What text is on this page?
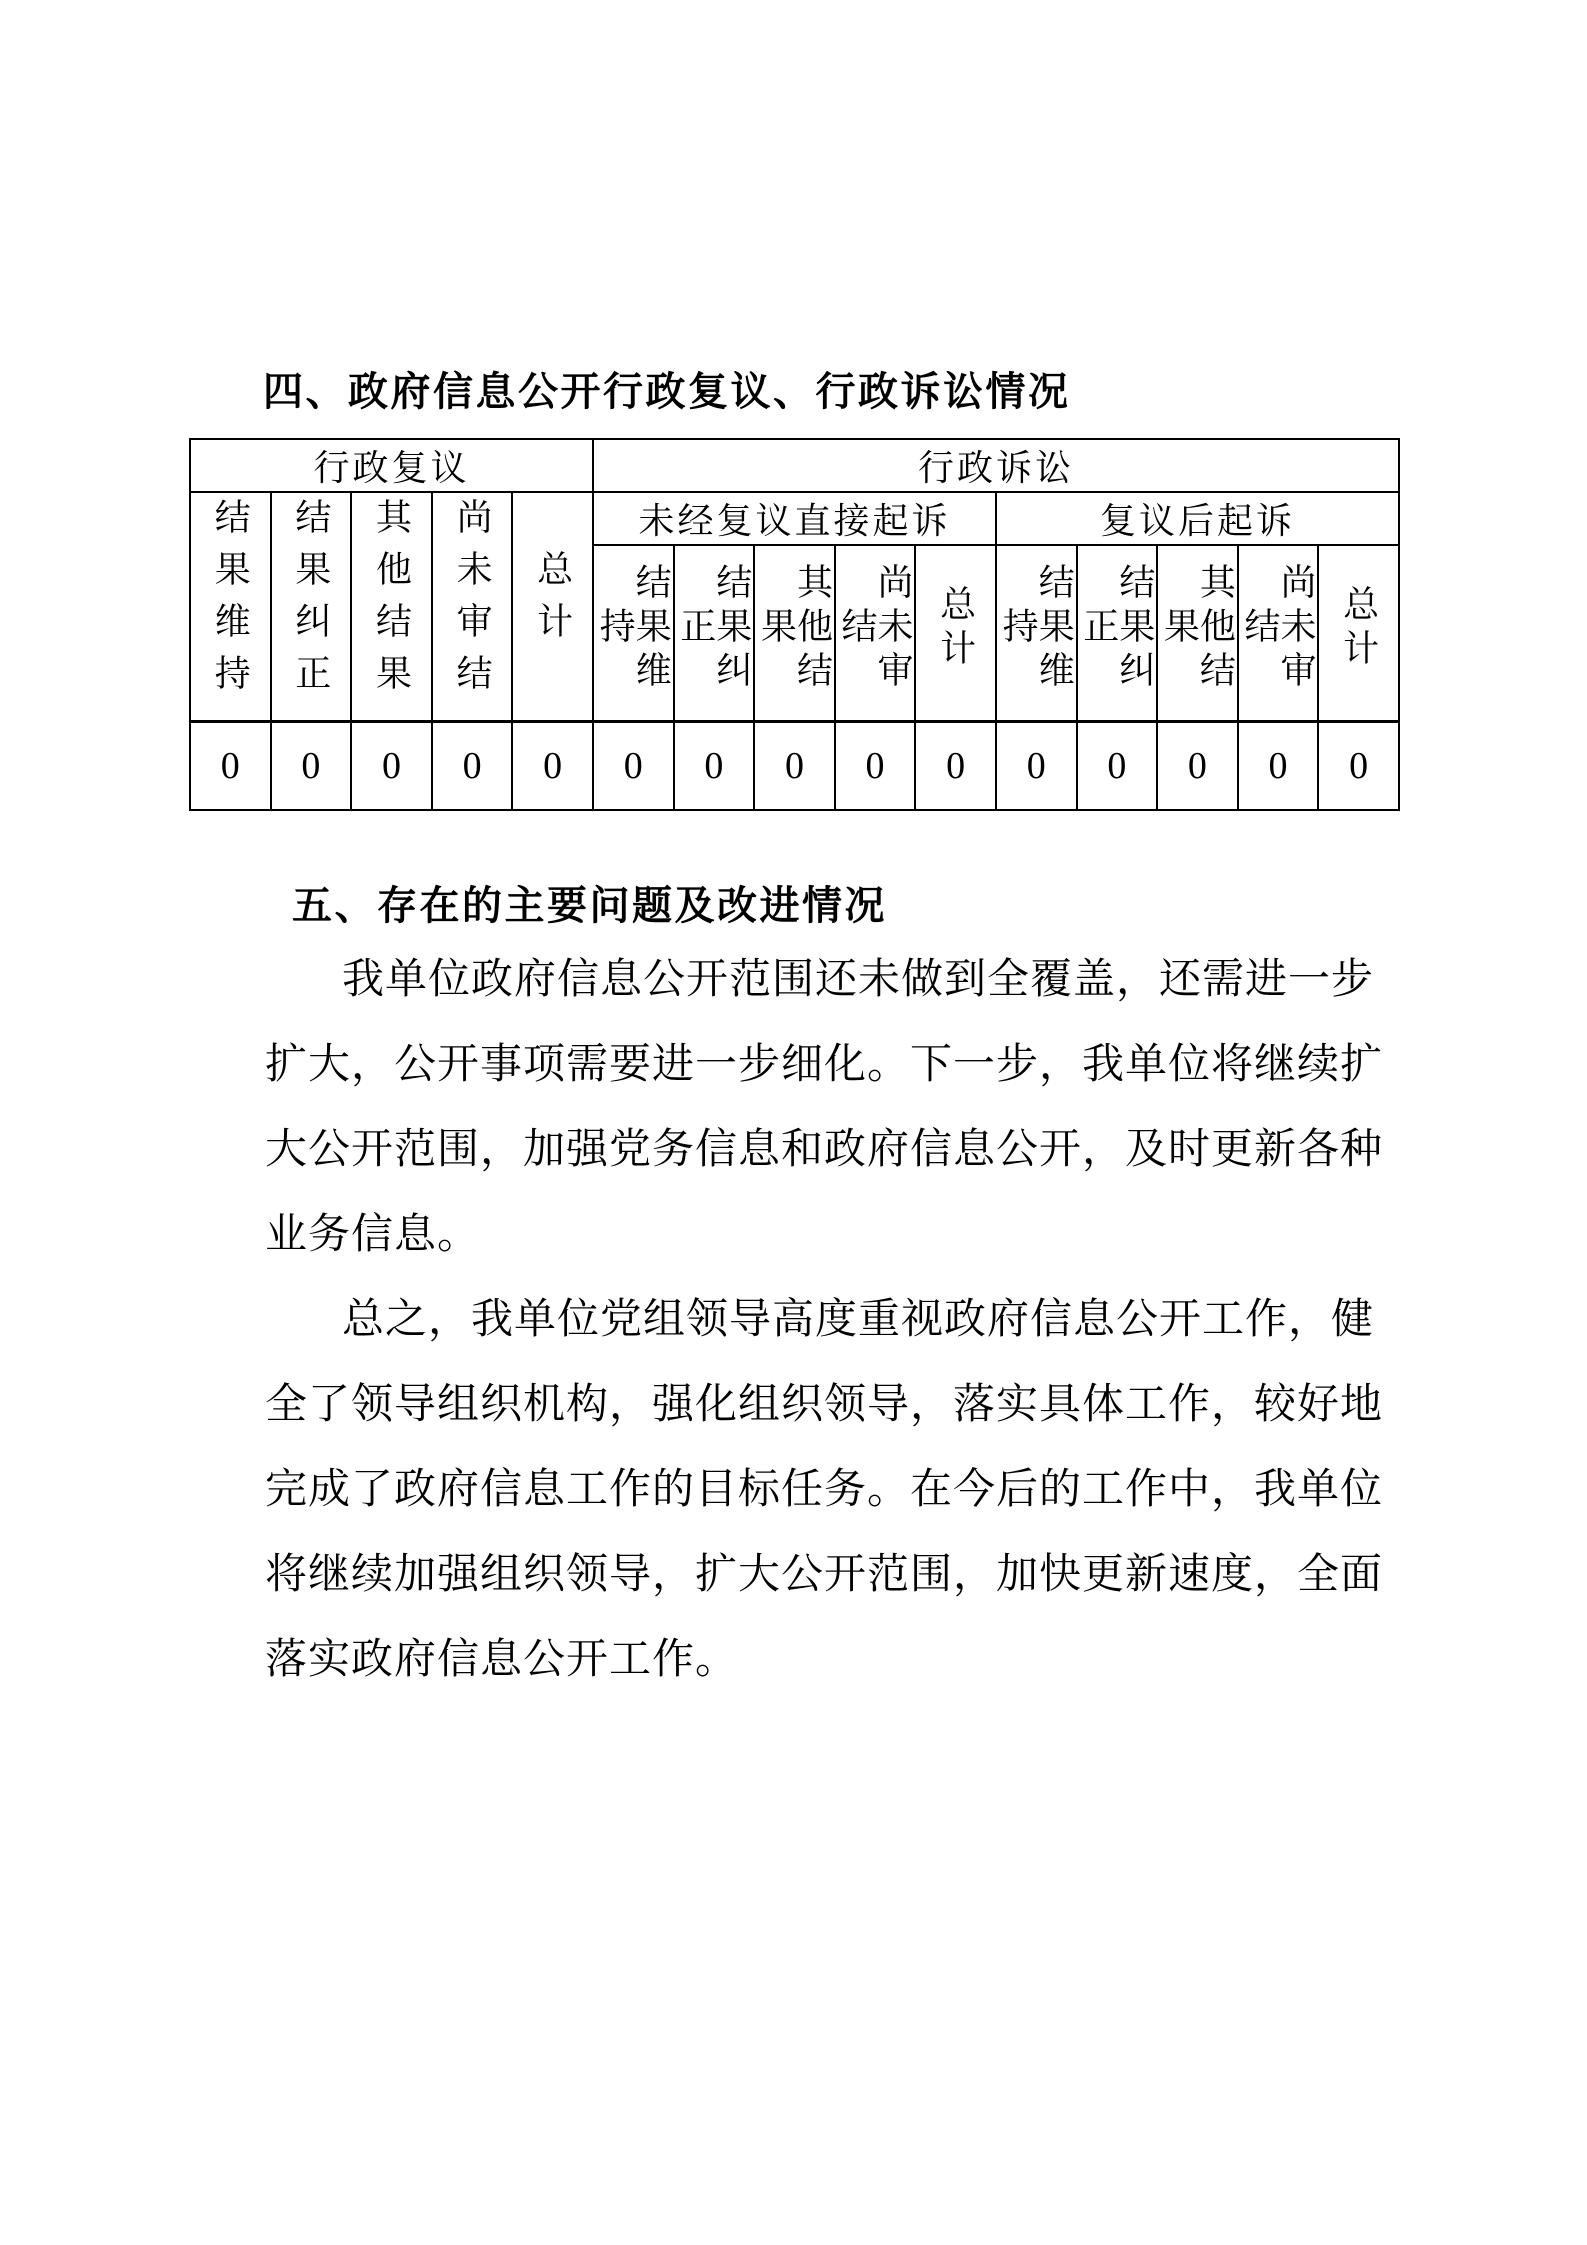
四、政府信息公开行政复议、行政诉讼情况
行政复议					行政诉讼									
结果维持	结果纠正	其他结果	尚未审结	总计	未经复议直接起诉					复议后起诉				
					结果维持	结果纠正	其他结果	尚未审结	总计	结果维持	结果纠正	其他结果	尚未审结	总计
0	0	0	0	0	0	0	0	0	0	0	0	0	0	0
五、存在的主要问题及改进情况
我单位政府信息公开范围还未做到全覆盖，还需进一步
扩大，公开事项需要进一步细化。下一步，我单位将继续扩
大公开范围，加强党务信息和政府信息公开，及时更新各种
业务信息。
总之，我单位党组领导高度重视政府信息公开工作，健
全了领导组织机构，强化组织领导，落实具体工作，较好地
完成了政府信息工作的目标任务。在今后的工作中，我单位
将继续加强组织领导，扩大公开范围，加快更新速度，全面
落实政府信息公开工作。
